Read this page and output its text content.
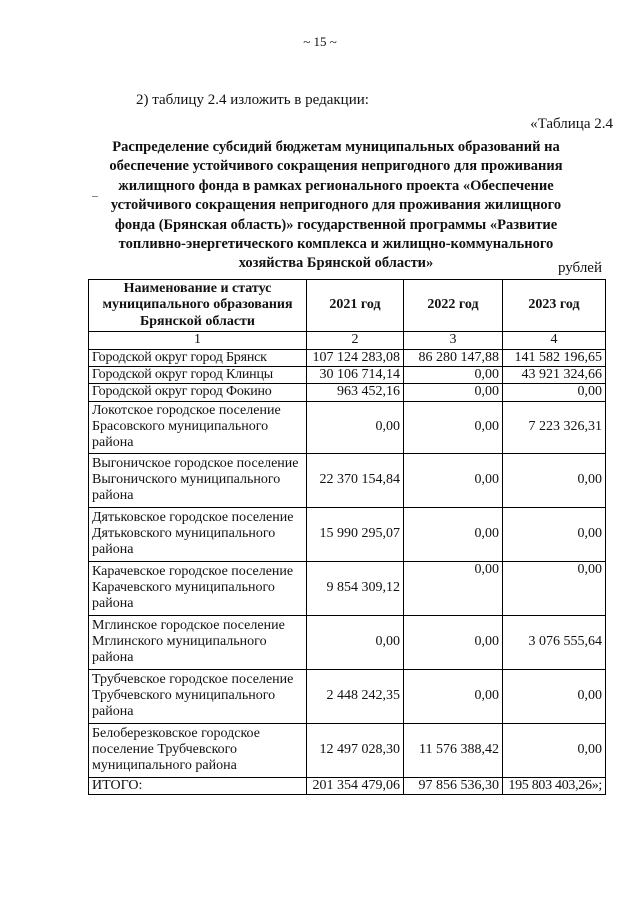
~ 15 ~
2) таблицу 2.4 изложить в редакции:
«Таблица 2.4

Распределение субсидий бюджетам муниципальных образований на
обеспечение устойчивого сокращения непригодного для проживания
жилищного фонда в рамках регионального проекта «Обеспечение
устойчивого сокращения непригодного для проживания жилищного
фонда (Брянская область)» государственной программы «Развитие
топливно-энергетического комплекса и жилищно-коммунального
хозяйства Брянской области»	рублей
Наименование и статус муниципального образования Брянской области	2021 год	2022 год	2023 год
1	2	3	4
Городской округ город Брянск	107 124 283,08	86 280 147,88	141 582 196,65
Городской округ город Клинцы	30 106 714,14	0,00	43 921 324,66
Городской округ город Фокино	963 452,16	0,00	0,00
Локотское городское поселение Брасовского муниципального района	0,00	0,00	7 223 326,31
Выгоничское городское поселение Выгоничского муниципального района	22 370 154,84	0,00	0,00
Дятьковское городское поселение Дятьковского муниципального района	15 990 295,07	0,00	0,00
Карачевское городское поселение Карачевского муниципального района	9 854 309,12	0,00	0,00
Мглинское городское поселение Мглинского муниципального района	0,00	0,00	3 076 555,64
Трубчевское городское поселение Трубчевского муниципального района	2 448 242,35	0,00	0,00
Белоберезковское городское поселение Трубчевского муниципального района	12 497 028,30	11 576 388,42	0,00
ИТОГО:	201 354 479,06	97 856 536,30	195 803 403,26»;
